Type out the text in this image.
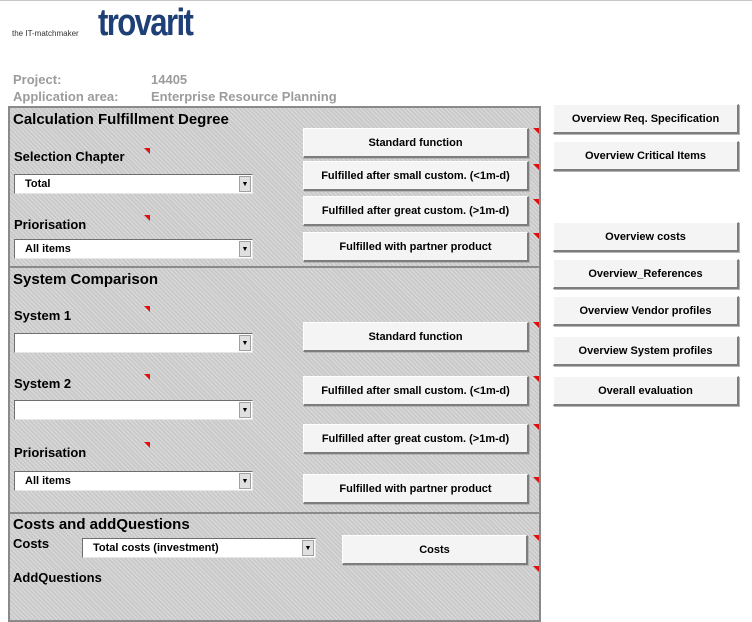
the IT-matchmaker trovarit
Project:	14405
Application area:	Enterprise Resource Planning
Calculation Fulfillment Degree
Selection Chapter
Total	▼
Priorisation
All items	▼
Standard function
Fulfilled after small custom. (<1m-d)
Fulfilled after great custom. (>1m-d)
Fulfilled with partner product
System Comparison
System 1
▼
System 2
▼
Priorisation
All items	▼
Standard function
Fulfilled after small custom. (<1m-d)
Fulfilled after great custom. (>1m-d)
Fulfilled with partner product
Costs and addQuestions
Costs	Total costs (investment)	▼	Costs
AddQuestions
Overview Req. Specification
Overview Critical Items
Overview costs
Overview_References
Overview Vendor profiles
Overview System profiles
Overall evaluation
